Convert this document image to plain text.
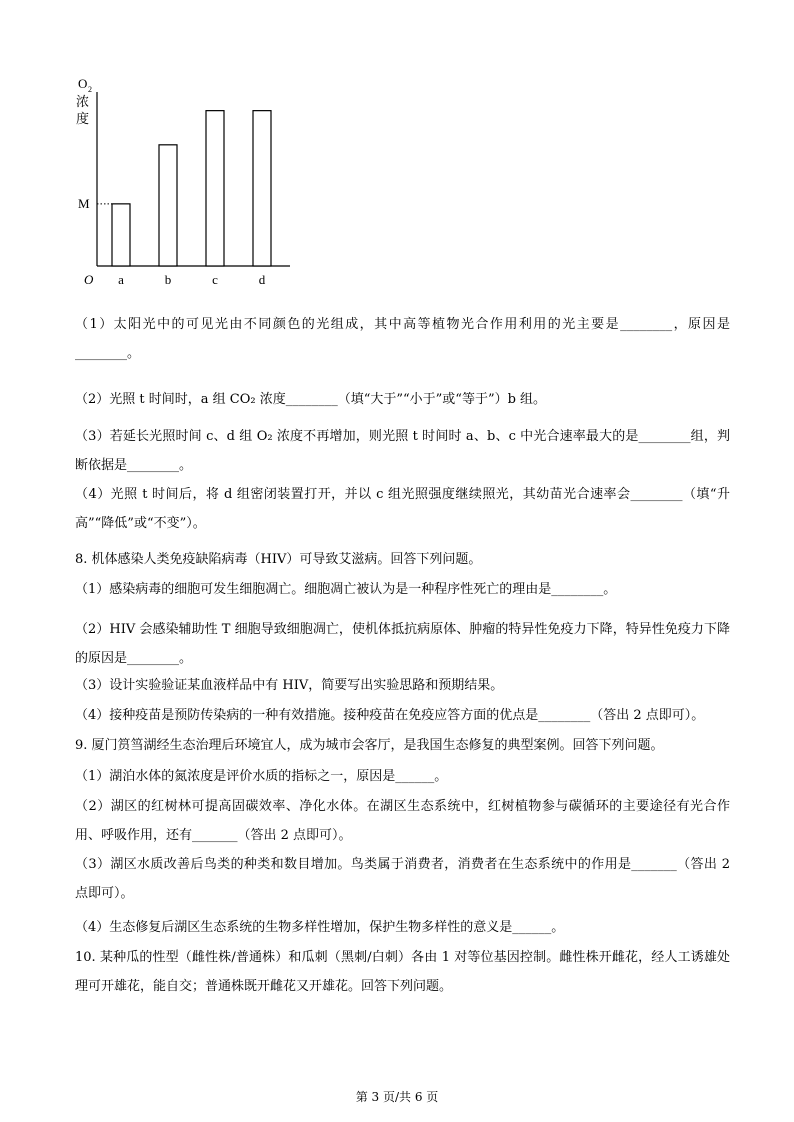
O 2
浓
度
M
O a	b	c	d
（1）太阳光中的可见光由不同颜色的光组成，其中高等植物光合作用利用的光主要是________，原因是________。
（2）光照 t 时间时，a 组 CO₂ 浓度________（填“大于”“小于”或“等于”）b 组。
（3）若延长光照时间 c、d 组 O₂ 浓度不再增加，则光照 t 时间时 a、b、c 中光合速率最大的是________组，判断依据是________。
（4）光照 t 时间后，将 d 组密闭装置打开，并以 c 组光照强度继续照光，其幼苗光合速率会________（填“升高”“降低”或“不变”）。
8. 机体感染人类免疫缺陷病毒（HIV）可导致艾滋病。回答下列问题。
（1）感染病毒的细胞可发生细胞凋亡。细胞凋亡被认为是一种程序性死亡的理由是________。
（2）HIV 会感染辅助性 T 细胞导致细胞凋亡，使机体抵抗病原体、肿瘤的特异性免疫力下降，特异性免疫力下降的原因是________。
（3）设计实验验证某血液样品中有 HIV，简要写出实验思路和预期结果。
（4）接种疫苗是预防传染病的一种有效措施。接种疫苗在免疫应答方面的优点是________（答出 2 点即可）。
9. 厦门筼筜湖经生态治理后环境宜人，成为城市会客厅，是我国生态修复的典型案例。回答下列问题。
（1）湖泊水体的氮浓度是评价水质的指标之一，原因是______。
（2）湖区的红树林可提高固碳效率、净化水体。在湖区生态系统中，红树植物参与碳循环的主要途径有光合作用、呼吸作用，还有_______（答出 2 点即可）。
（3）湖区水质改善后鸟类的种类和数目增加。鸟类属于消费者，消费者在生态系统中的作用是_______（答出 2 点即可）。
（4）生态修复后湖区生态系统的生物多样性增加，保护生物多样性的意义是______。
10. 某种瓜的性型（雌性株/普通株）和瓜刺（黑刺/白刺）各由 1 对等位基因控制。雌性株开雌花，经人工诱雄处理可开雄花，能自交；普通株既开雌花又开雄花。回答下列问题。
第 3 页/共 6 页
